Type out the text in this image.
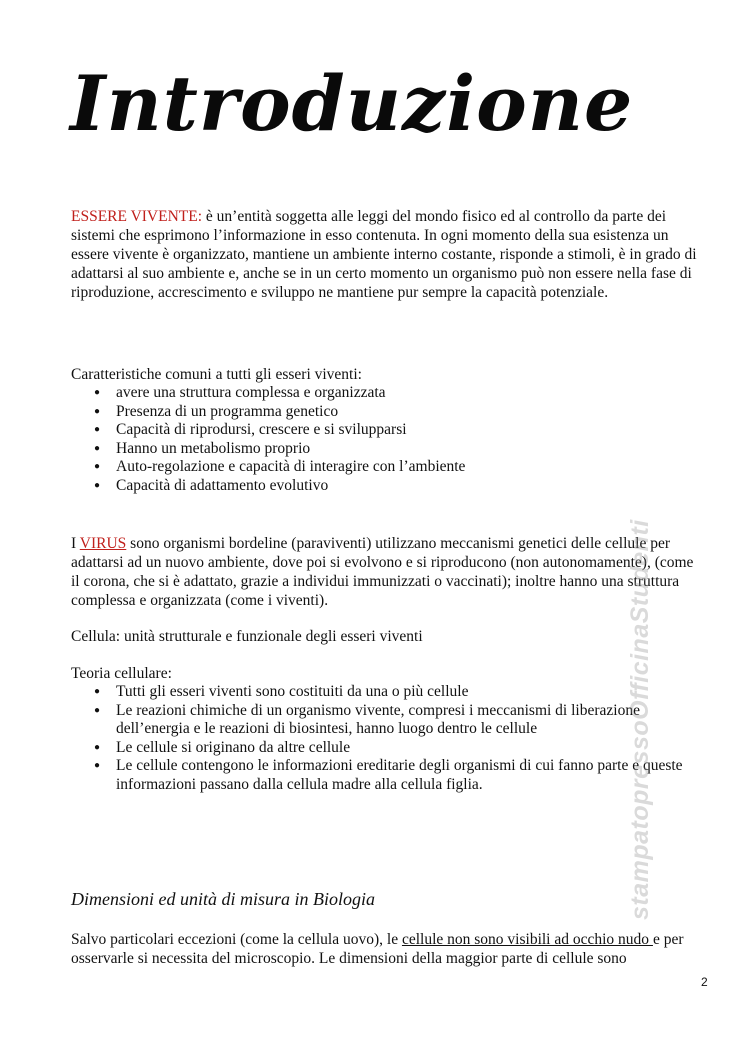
Introduzione

ESSERE VIVENTE: è un’entità soggetta alle leggi del mondo fisico ed al controllo da parte dei sistemi che esprimono l’informazione in esso contenuta. In ogni momento della sua esistenza un essere vivente è organizzato, mantiene un ambiente interno costante, risponde a stimoli, è in grado di adattarsi al suo ambiente e, anche se in un certo momento un organismo può non essere nella fase di riproduzione, accrescimento e sviluppo ne mantiene pur sempre la capacità potenziale.

Caratteristiche comuni a tutti gli esseri viventi:

● avere una struttura complessa e organizzata
● Presenza di un programma genetico
● Capacità di riprodursi, crescere e si svilupparsi
● Hanno un metabolismo proprio
● Auto-regolazione e capacità di interagire con l’ambiente
● Capacità di adattamento evolutivo

I VIRUS sono organismi bordeline (paraviventi) utilizzano meccanismi genetici delle cellule per adattarsi ad un nuovo ambiente, dove poi si evolvono e si riproducono (non autonomamente), (come il corona, che si è adattato, grazie a individui immunizzati o vaccinati); inoltre hanno una struttura complessa e organizzata (come i viventi).

Cellula: unità strutturale e funzionale degli esseri viventi

Teoria cellulare:

● Tutti gli esseri viventi sono costituiti da una o più cellule
● Le reazioni chimiche di un organismo vivente, compresi i meccanismi di liberazione dell’energia e le reazioni di biosintesi, hanno luogo dentro le cellule
● Le cellule si originano da altre cellule
● Le cellule contengono le informazioni ereditarie degli organismi di cui fanno parte e queste informazioni passano dalla cellula madre alla cellula figlia.
Dimensioni ed unità di misura in Biologia

Salvo particolari eccezioni (come la cellula uovo), le cellule non sono visibili ad occhio nudo e per osservarle si necessita del microscopio. Le dimensioni della maggior parte di cellule sono

stampatopressoOfficinaStudenti
2
